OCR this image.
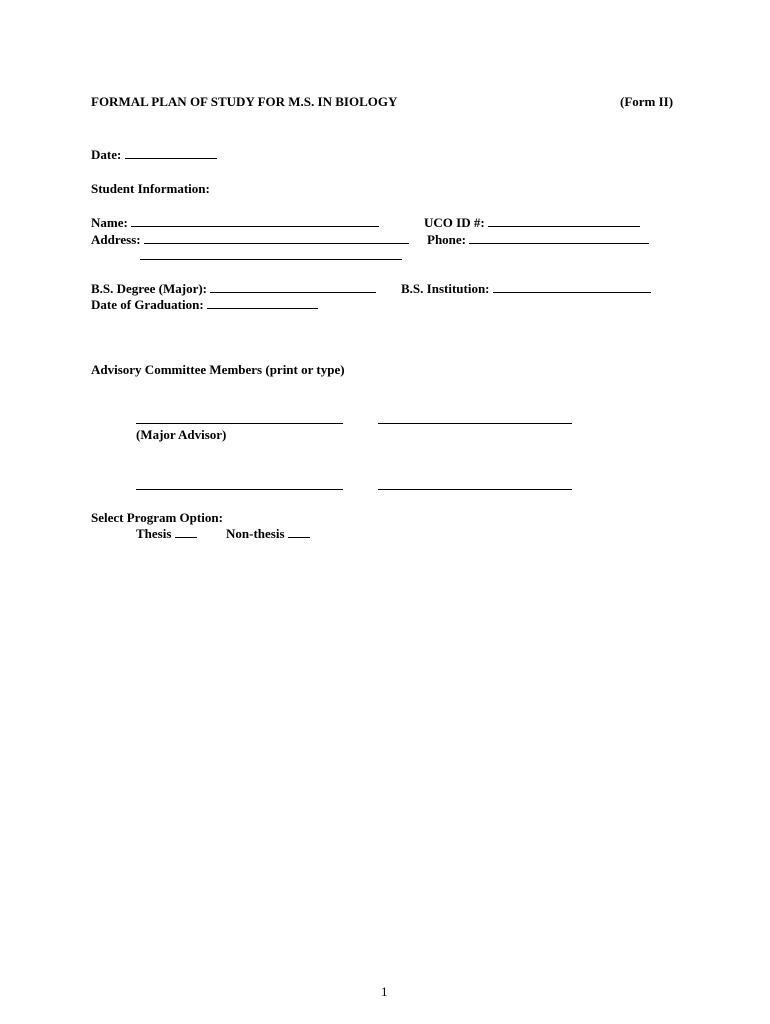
FORMAL PLAN OF STUDY FOR M.S. IN BIOLOGY	(Form II)
Date:
Student Information:
Name:	UCO ID #:
Address:	Phone:
B.S. Degree (Major):	B.S. Institution:
Date of Graduation:
Advisory Committee Members (print or type)
(Major Advisor)
Select Program Option:
Thesis	Non-thesis
1
